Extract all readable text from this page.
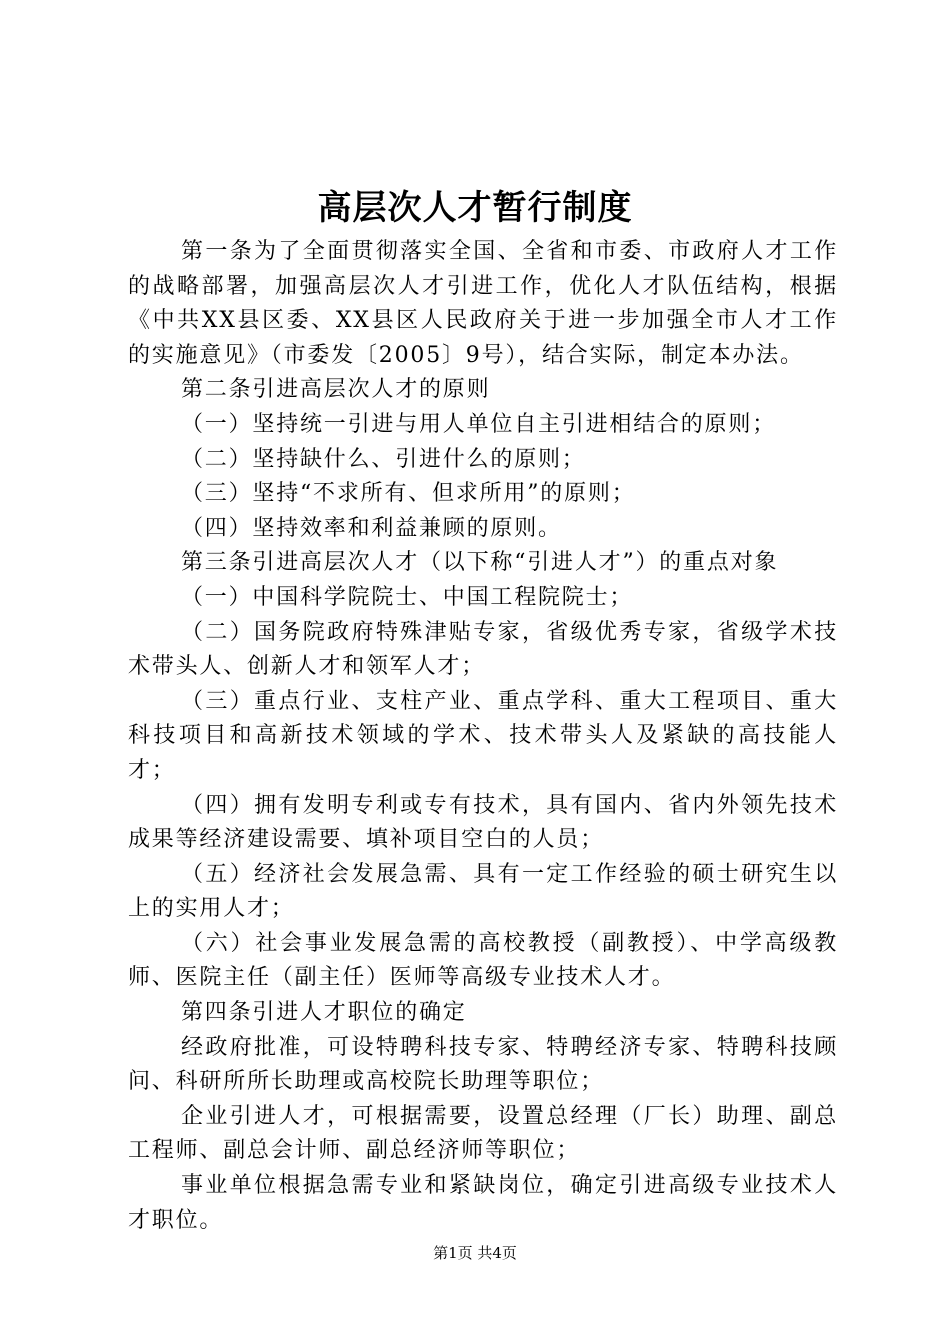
高层次人才暂行制度

第一条为了全面贯彻落实全国、全省和市委、市政府人才工作的战略部署，加强高层次人才引进工作，优化人才队伍结构，根据《中共XX县区委、XX县区人民政府关于进一步加强全市人才工作的实施意见》（市委发〔2005〕9号），结合实际，制定本办法。

第二条引进高层次人才的原则

（一）坚持统一引进与用人单位自主引进相结合的原则；

（二）坚持缺什么、引进什么的原则；

（三）坚持“不求所有、但求所用”的原则；

（四）坚持效率和利益兼顾的原则。

第三条引进高层次人才（以下称“引进人才”）的重点对象

（一）中国科学院院士、中国工程院院士；

（二）国务院政府特殊津贴专家，省级优秀专家，省级学术技术带头人、创新人才和领军人才；

（三）重点行业、支柱产业、重点学科、重大工程项目、重大科技项目和高新技术领域的学术、技术带头人及紧缺的高技能人才；

（四）拥有发明专利或专有技术，具有国内、省内外领先技术成果等经济建设需要、填补项目空白的人员；

（五）经济社会发展急需、具有一定工作经验的硕士研究生以上的实用人才；

（六）社会事业发展急需的高校教授（副教授）、中学高级教师、医院主任（副主任）医师等高级专业技术人才。

第四条引进人才职位的确定

经政府批准，可设特聘科技专家、特聘经济专家、特聘科技顾问、科研所所长助理或高校院长助理等职位；

企业引进人才，可根据需要，设置总经理（厂长）助理、副总工程师、副总会计师、副总经济师等职位；

事业单位根据急需专业和紧缺岗位，确定引进高级专业技术人才职位。

第1页 共4页
